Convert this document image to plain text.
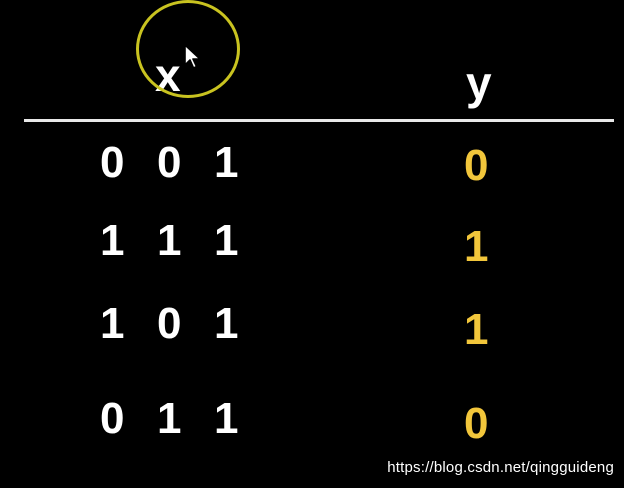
x	y
0 0 1	0
1 1 1	1
1 0 1	1
0 1 1	0
https://blog.csdn.net/qingguideng
